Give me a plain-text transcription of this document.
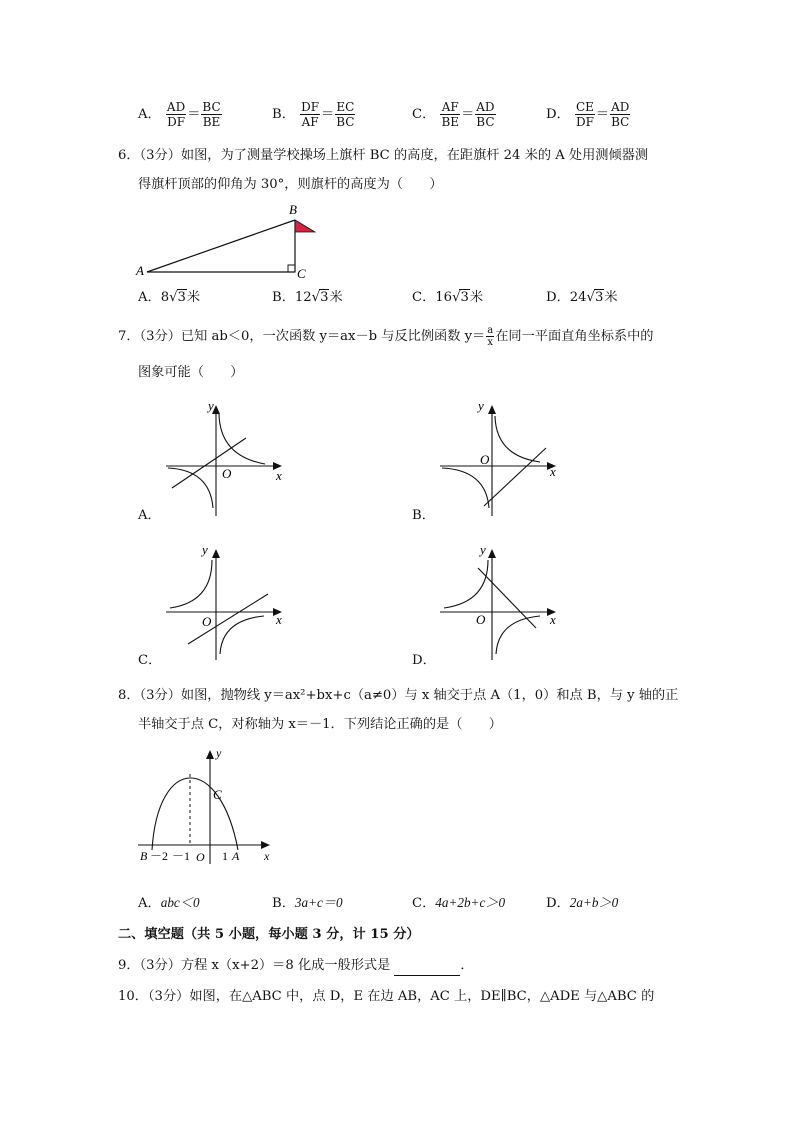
A． $\frac{AD}{DF} = \frac{BC}{BE}$	B． $\frac{DF}{AF} = \frac{EC}{BC}$	C． $\frac{AF}{BE} = \frac{AD}{BC}$	D． $\frac{CE}{DF} = \frac{AD}{BC}$
6．（3分）如图，为了测量学校操场上旗杆 BC 的高度，在距旗杆 24 米的 A 处用测倾器测
得旗杆顶部的仰角为 30°，则旗杆的高度为（　　）
A
B
C
A．8√3米	B．12√3米	C．16√3米	D．24√3米
7．（3分）已知 ab＜0，一次函数 y＝ax－b 与反比例函数 $y= \frac{a}{x}$ 在同一平面直角坐标系中的
图象可能（　　）
y
O	x
A．
y
O
x
B．
y
O	x
C．
y
O	x
D．
8．（3分）如图，抛物线 y＝ax²+bx+c（a≠0）与 x 轴交于点 A（1，0）和点 B，与 y 轴的正
半轴交于点 C，对称轴为 x＝－1．下列结论正确的是（　　）
y
C
B －2 －1 O 1 A x
A．abc＜0	B．3a+c＝0	C．4a+2b+c＞0	D．2a+b＞0
二、填空题（共 5 小题，每小题 3 分，计 15 分）
9．（3分）方程 x（x+2）＝8 化成一般形式是 　　　　　	．
10．（3分）如图，在△ABC 中，点 D，E 在边 AB，AC 上，DE∥BC，△ADE 与△ABC 的
